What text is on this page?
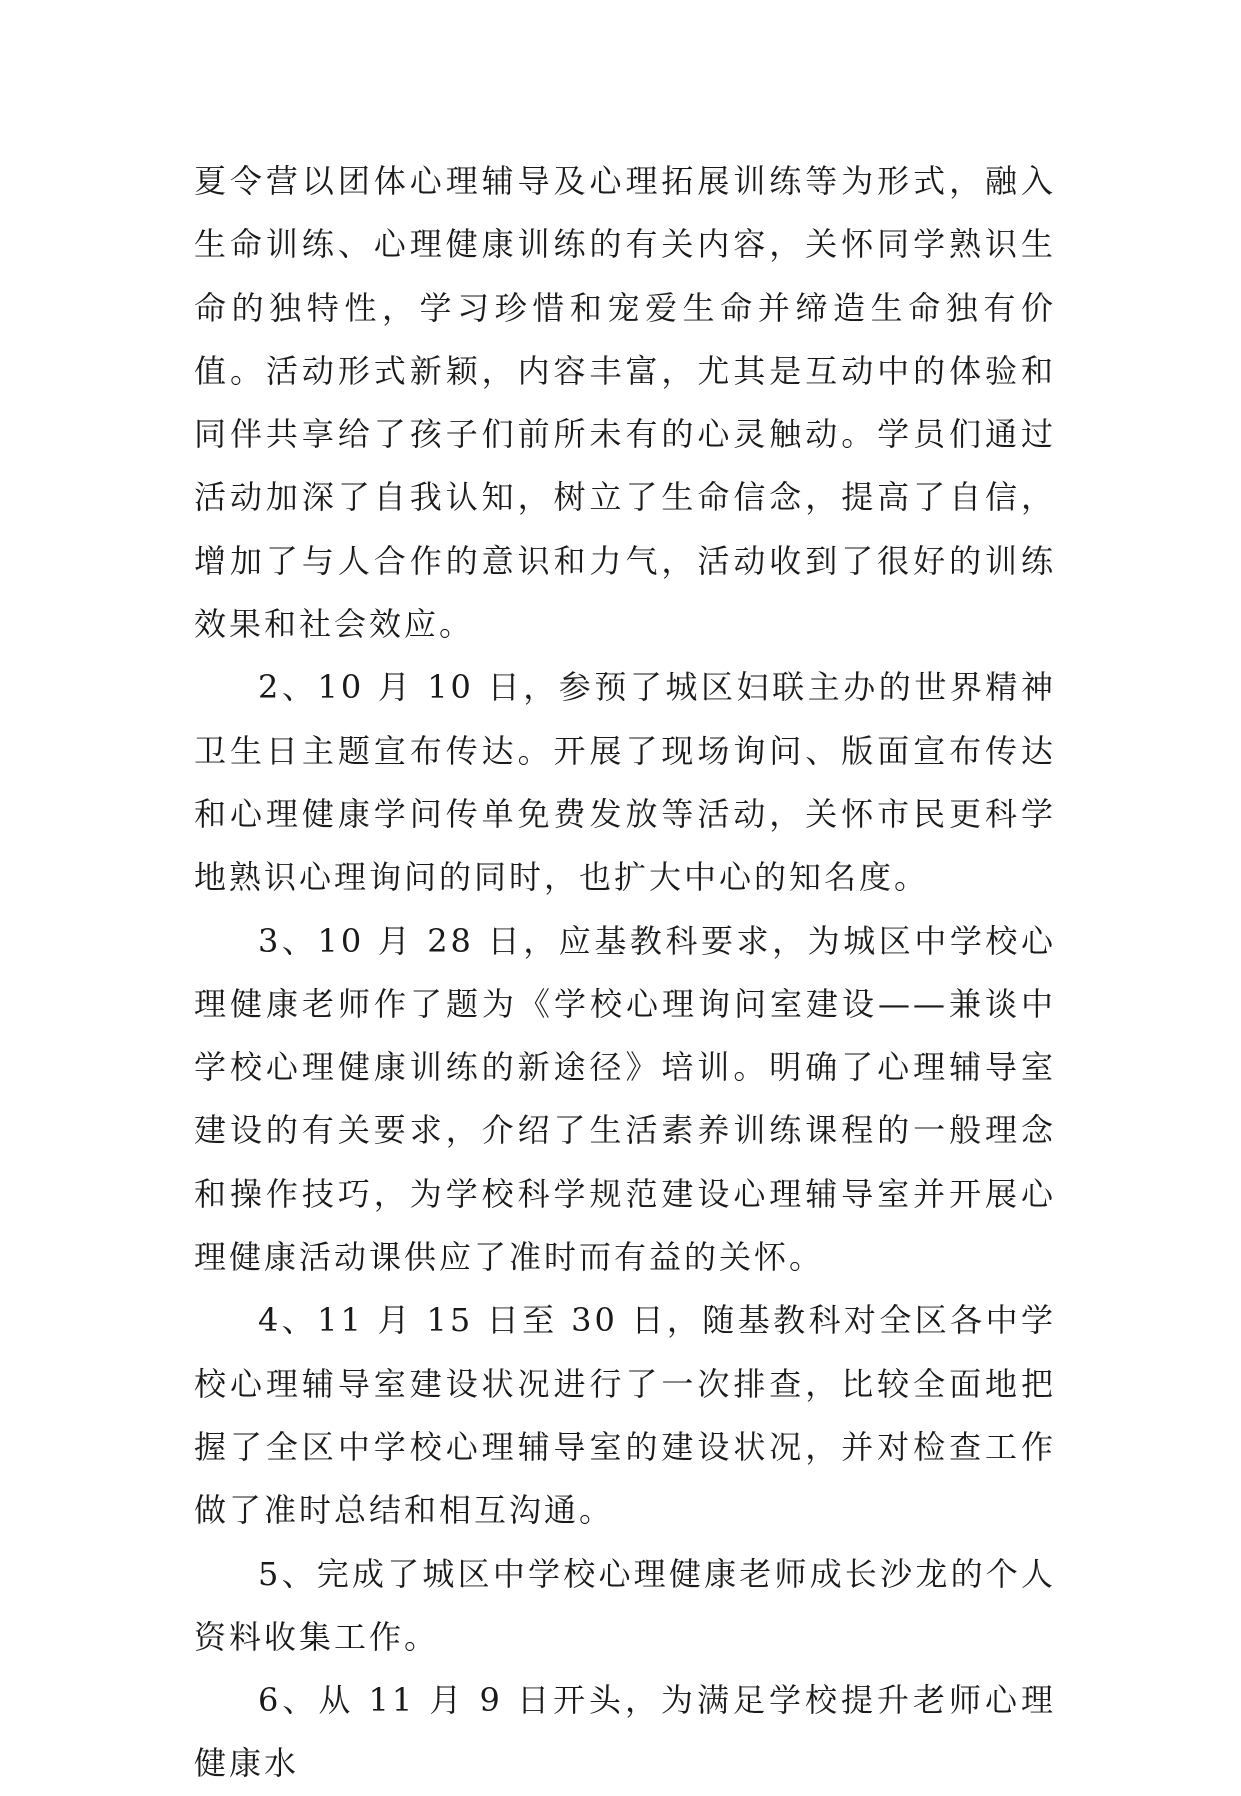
夏令营以团体心理辅导及心理拓展训练等为形式，融入生命训练、心理健康训练的有关内容，关怀同学熟识生命的独特性，学习珍惜和宠爱生命并缔造生命独有价值。活动形式新颖，内容丰富，尤其是互动中的体验和同伴共享给了孩子们前所未有的心灵触动。学员们通过活动加深了自我认知，树立了生命信念，提高了自信，增加了与人合作的意识和力气，活动收到了很好的训练效果和社会效应。

2、10 月 10 日，参预了城区妇联主办的世界精神卫生日主题宣布传达。开展了现场询问、版面宣布传达和心理健康学问传单免费发放等活动，关怀市民更科学地熟识心理询问的同时，也扩大中心的知名度。

3、10 月 28 日，应基教科要求，为城区中学校心理健康老师作了题为《学校心理询问室建设——兼谈中学校心理健康训练的新途径》培训。明确了心理辅导室建设的有关要求，介绍了生活素养训练课程的一般理念和操作技巧，为学校科学规范建设心理辅导室并开展心理健康活动课供应了准时而有益的关怀。

4、11 月 15 日至 30 日，随基教科对全区各中学校心理辅导室建设状况进行了一次排查，比较全面地把握了全区中学校心理辅导室的建设状况，并对检查工作做了准时总结和相互沟通。

5、完成了城区中学校心理健康老师成长沙龙的个人资料收集工作。

6、从 11 月 9 日开头，为满足学校提升老师心理健康水
